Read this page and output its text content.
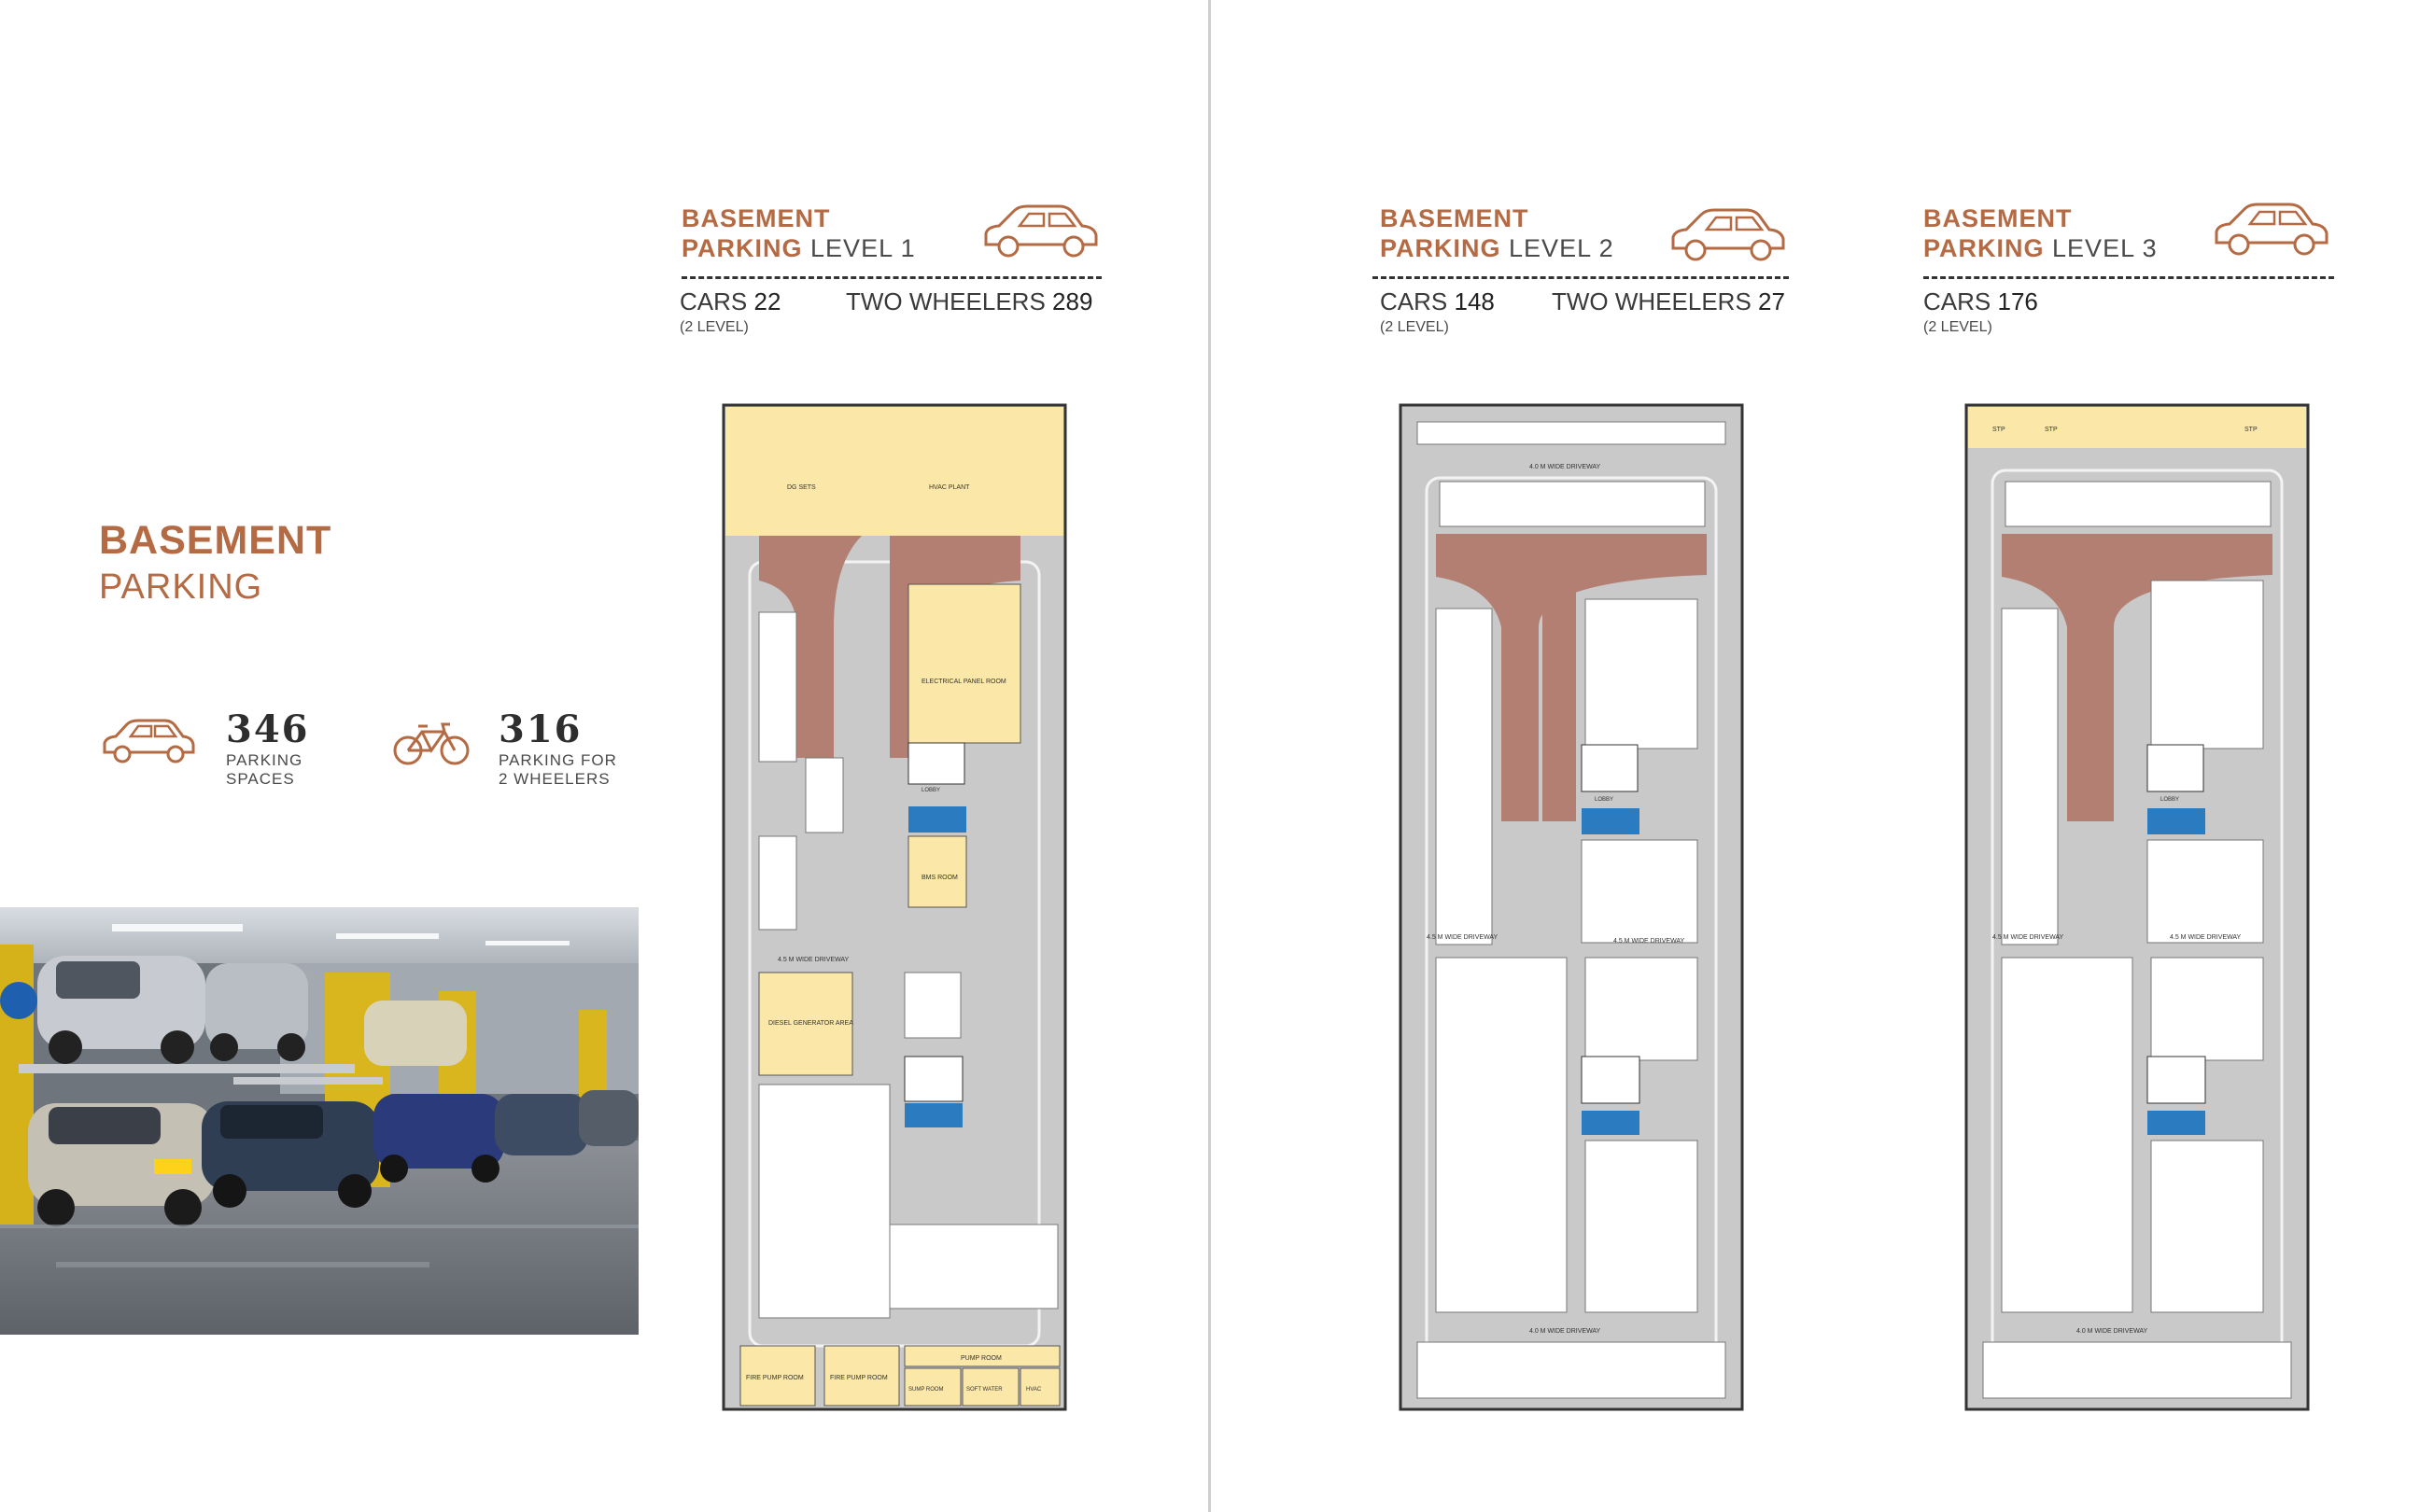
BASEMENT
PARKING
346
PARKING
SPACES
316
PARKING FOR
2 WHEELERS
BASEMENT
PARKING LEVEL 1
CARS 22
(2 LEVEL)
TWO WHEELERS 289
DG SETS	HVAC PLANT
ELECTRICAL PANEL ROOM
LOBBY
BMS ROOM
4.5 M WIDE DRIVEWAY
DIESEL GENERATOR AREA
FIRE PUMP ROOM	FIRE PUMP ROOM
PUMP ROOM
SUMP ROOM	SOFT WATER	HVAC
BASEMENT
PARKING LEVEL 2
CARS 148
(2 LEVEL)
TWO WHEELERS 27
4.0 M WIDE DRIVEWAY
LOBBY
4.5 M WIDE DRIVEWAY
4.5 M WIDE DRIVEWAY
4.0 M WIDE DRIVEWAY
BASEMENT
PARKING LEVEL 3
CARS 176
(2 LEVEL)
STP	STP	STP
LOBBY
4.5 M WIDE DRIVEWAY	4.5 M WIDE DRIVEWAY
4.0 M WIDE DRIVEWAY
